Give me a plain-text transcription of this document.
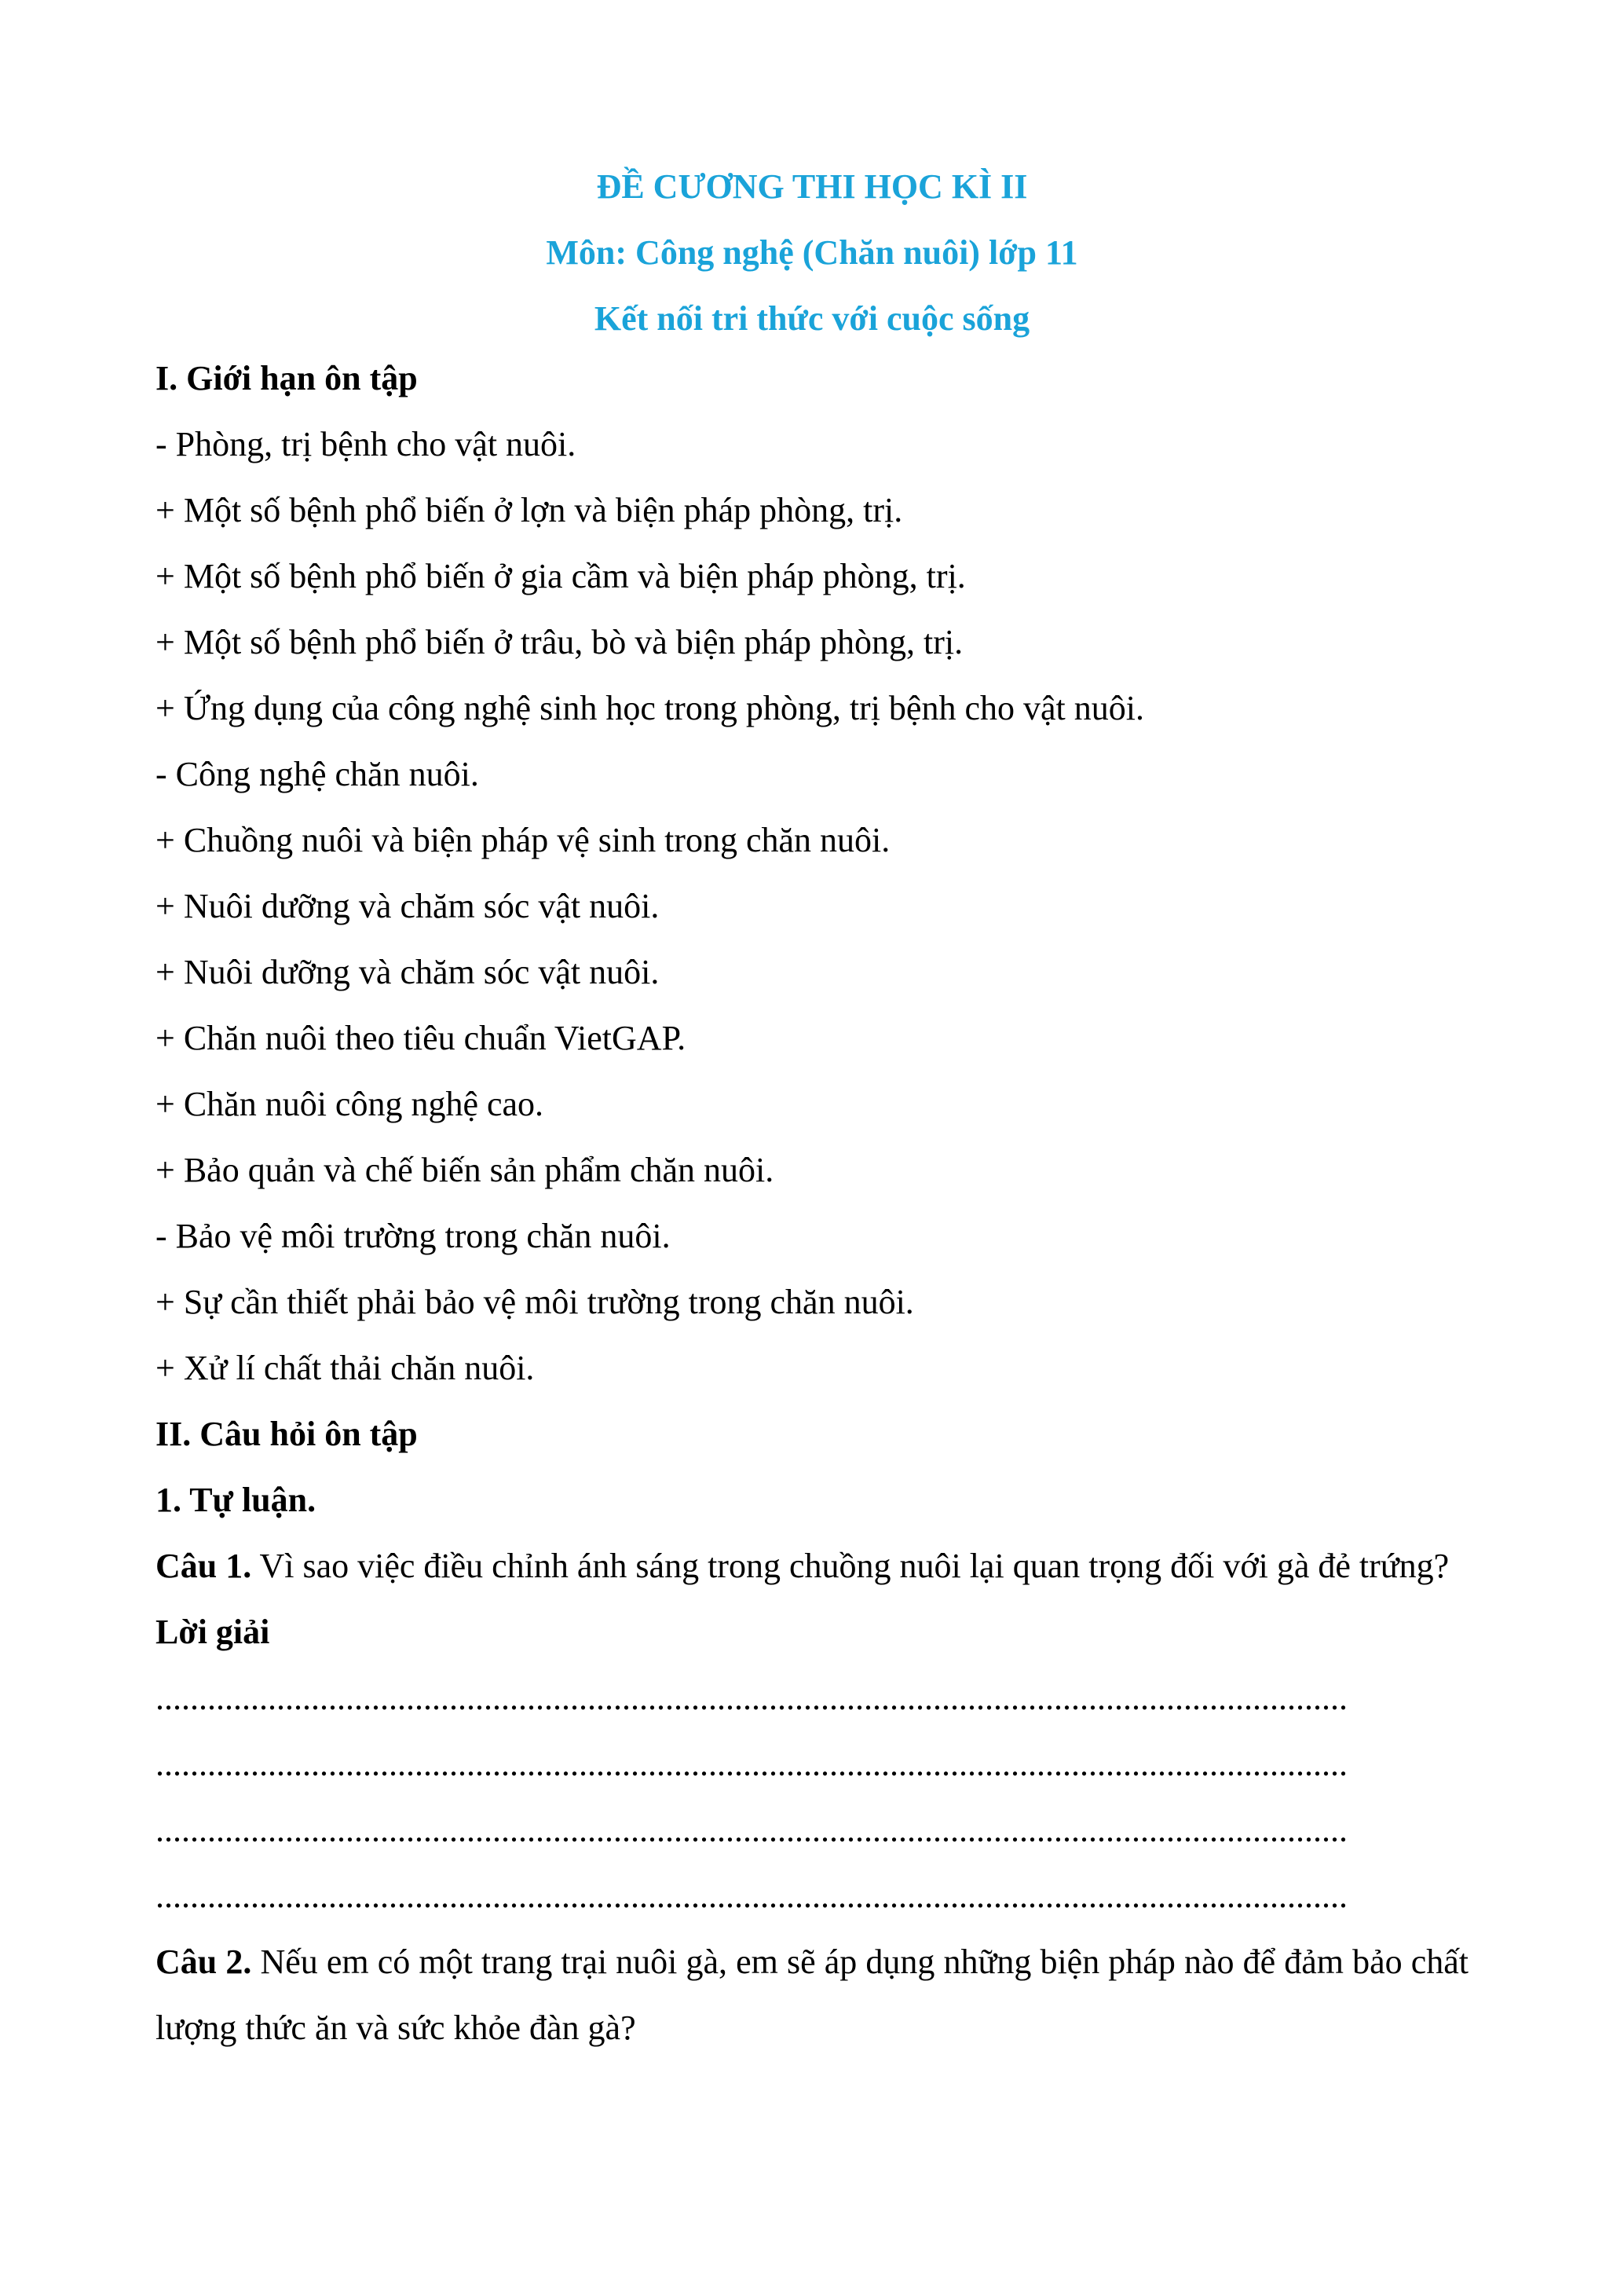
ĐỀ CƯƠNG THI HỌC KÌ II
Môn: Công nghệ (Chăn nuôi) lớp 11
Kết nối tri thức với cuộc sống
I. Giới hạn ôn tập
- Phòng, trị bệnh cho vật nuôi.
+ Một số bệnh phổ biến ở lợn và biện pháp phòng, trị.
+ Một số bệnh phổ biến ở gia cầm và biện pháp phòng, trị.
+ Một số bệnh phổ biến ở trâu, bò và biện pháp phòng, trị.
+ Ứng dụng của công nghệ sinh học trong phòng, trị bệnh cho vật nuôi.
- Công nghệ chăn nuôi.
+ Chuồng nuôi và biện pháp vệ sinh trong chăn nuôi.
+ Nuôi dưỡng và chăm sóc vật nuôi.
+ Nuôi dưỡng và chăm sóc vật nuôi.
+ Chăn nuôi theo tiêu chuẩn VietGAP.
+ Chăn nuôi công nghệ cao.
+ Bảo quản và chế biến sản phẩm chăn nuôi.
- Bảo vệ môi trường trong chăn nuôi.
+ Sự cần thiết phải bảo vệ môi trường trong chăn nuôi.
+ Xử lí chất thải chăn nuôi.
II. Câu hỏi ôn tập
1. Tự luận.
Câu 1. Vì sao việc điều chỉnh ánh sáng trong chuồng nuôi lại quan trọng đối với gà đẻ trứng?
Lời giải
..........................................................................................................................................
..........................................................................................................................................
..........................................................................................................................................
..........................................................................................................................................
Câu 2. Nếu em có một trang trại nuôi gà, em sẽ áp dụng những biện pháp nào để đảm bảo chất lượng thức ăn và sức khỏe đàn gà?
